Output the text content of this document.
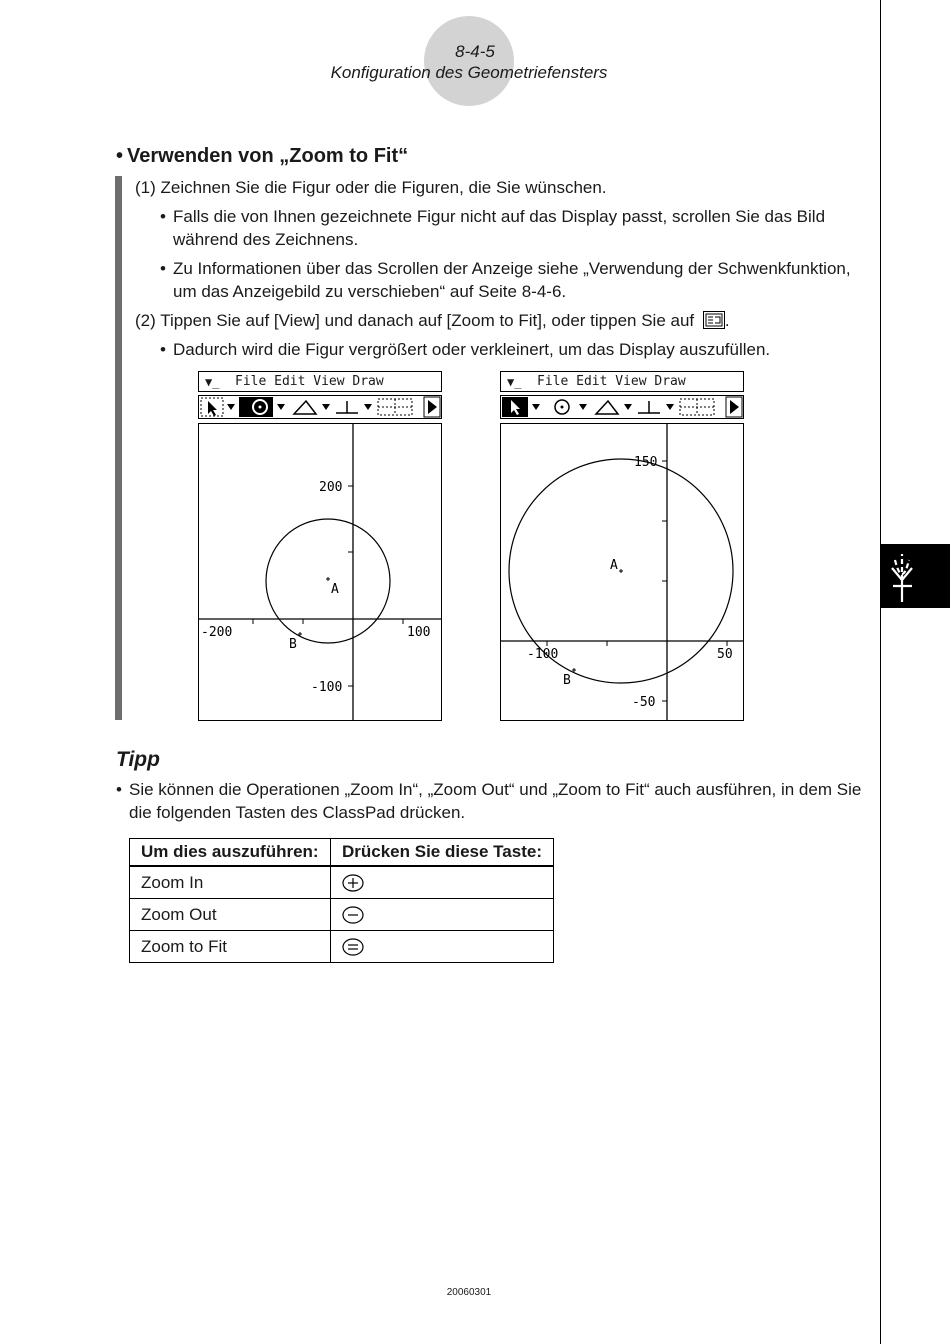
8-4-5
Konfiguration des Geometriefensters
• Verwenden von „Zoom to Fit“
(1) Zeichnen Sie die Figur oder die Figuren, die Sie wünschen.
• Falls die von Ihnen gezeichnete Figur nicht auf das Display passt, scrollen Sie das Bild während des Zeichnens.
• Zu Informationen über das Scrollen der Anzeige siehe „Verwendung der Schwenkfunktion, um das Anzeigebild zu verschieben“ auf Seite 8-4-6.
(2) Tippen Sie auf [View] und danach auf [Zoom to Fit], oder tippen Sie auf .
• Dadurch wird die Figur vergrößert oder verkleinert, um das Display auszufüllen.
▼̲ File Edit View Draw
200
-100
-200	100
A
B
▼̲ File Edit View Draw
150
-50
-100	50
A
B
Tipp
• Sie können die Operationen „Zoom In“, „Zoom Out“ und „Zoom to Fit“ auch ausführen, in dem Sie die folgenden Tasten des ClassPad drücken.
Um dies auszuführen:	Drücken Sie diese Taste:
Zoom In	
Zoom Out	
Zoom to Fit	
20060301
